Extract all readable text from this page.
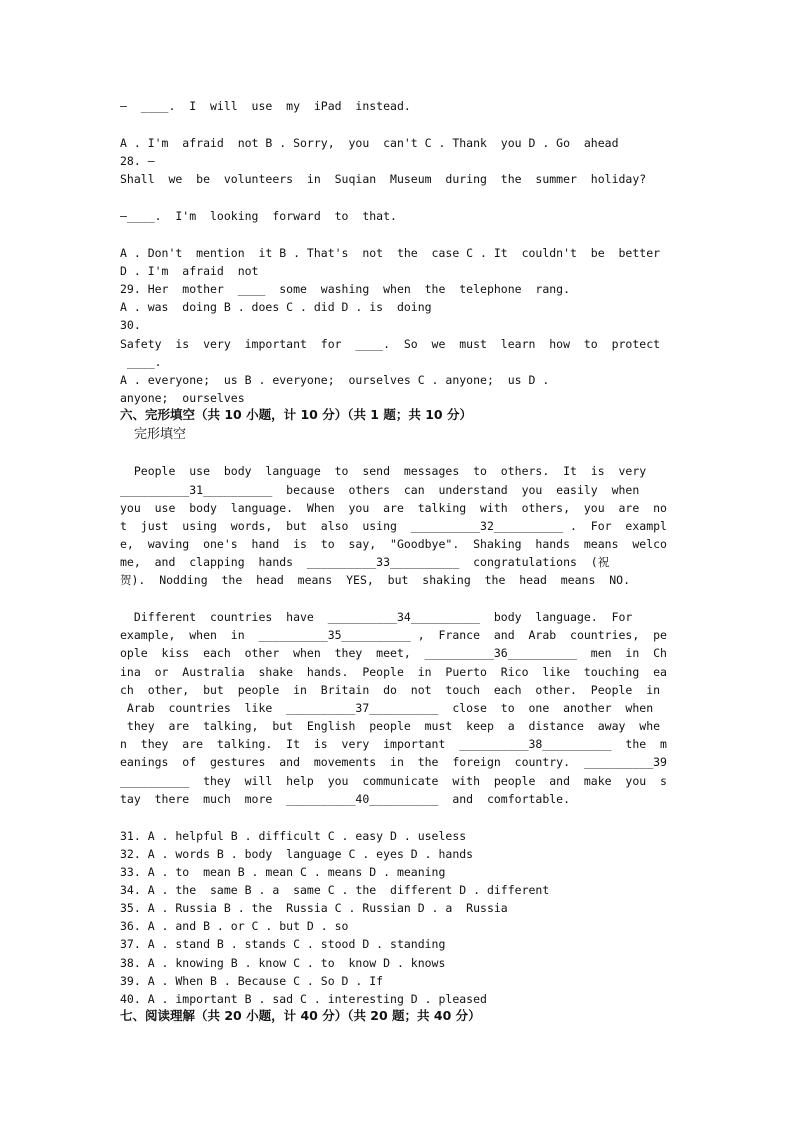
—  ____.  I  will  use  my  iPad  instead.
A . I'm  afraid  not B . Sorry,  you  can't C . Thank  you D . Go  ahead
28. —
Shall  we  be  volunteers  in  Suqian  Museum  during  the  summer  holiday?
—____.  I'm  looking  forward  to  that.
A . Don't  mention  it B . That's  not  the  case C . It  couldn't  be  better
D . I'm  afraid  not
29. Her  mother  ____  some  washing  when  the  telephone  rang.
A . was  doing B . does C . did D . is  doing
30.
Safety  is  very  important  for  ____.  So  we  must  learn  how  to  protect
____.
A . everyone;  us B . everyone;  ourselves C . anyone;  us D .
anyone;  ourselves
六、完形填空（共 10 小题，计 10 分）（共 1 题；共 10 分）
完形填空
People  use  body  language  to  send  messages  to  others.  It  is  very
__________31__________  because  others  can  understand  you  easily  when
you  use  body  language.  When  you  are  talking  with  others,  you  are  no
t  just  using  words,  but  also  using  __________32__________ .  For  exampl
e,  waving  one's  hand  is  to  say,  "Goodbye".  Shaking  hands  means  welco
me,  and  clapping  hands  __________33__________  congratulations  (祝
贺).  Nodding  the  head  means  YES,  but  shaking  the  head  means  NO.
Different  countries  have  __________34__________  body  language.  For
example,  when  in  __________35__________ ,  France  and  Arab  countries,  pe
ople  kiss  each  other  when  they  meet,  __________36__________  men  in  Ch
ina  or  Australia  shake  hands.  People  in  Puerto  Rico  like  touching  ea
ch  other,  but  people  in  Britain  do  not  touch  each  other.  People  in
Arab  countries  like  __________37__________  close  to  one  another  when
they  are  talking,  but  English  people  must  keep  a  distance  away  whe
n  they  are  talking.  It  is  very  important  __________38__________  the  m
eanings  of  gestures  and  movements  in  the  foreign  country.  __________39
__________  they  will  help  you  communicate  with  people  and  make  you  s
tay  there  much  more  __________40__________  and  comfortable.
31. A . helpful B . difficult C . easy D . useless
32. A . words B . body  language C . eyes D . hands
33. A . to  mean B . mean C . means D . meaning
34. A . the  same B . a  same C . the  different D . different
35. A . Russia B . the  Russia C . Russian D . a  Russia
36. A . and B . or C . but D . so
37. A . stand B . stands C . stood D . standing
38. A . knowing B . know C . to  know D . knows
39. A . When B . Because C . So D . If
40. A . important B . sad C . interesting D . pleased
七、阅读理解（共 20 小题，计 40 分）（共 20 题；共 40 分）
